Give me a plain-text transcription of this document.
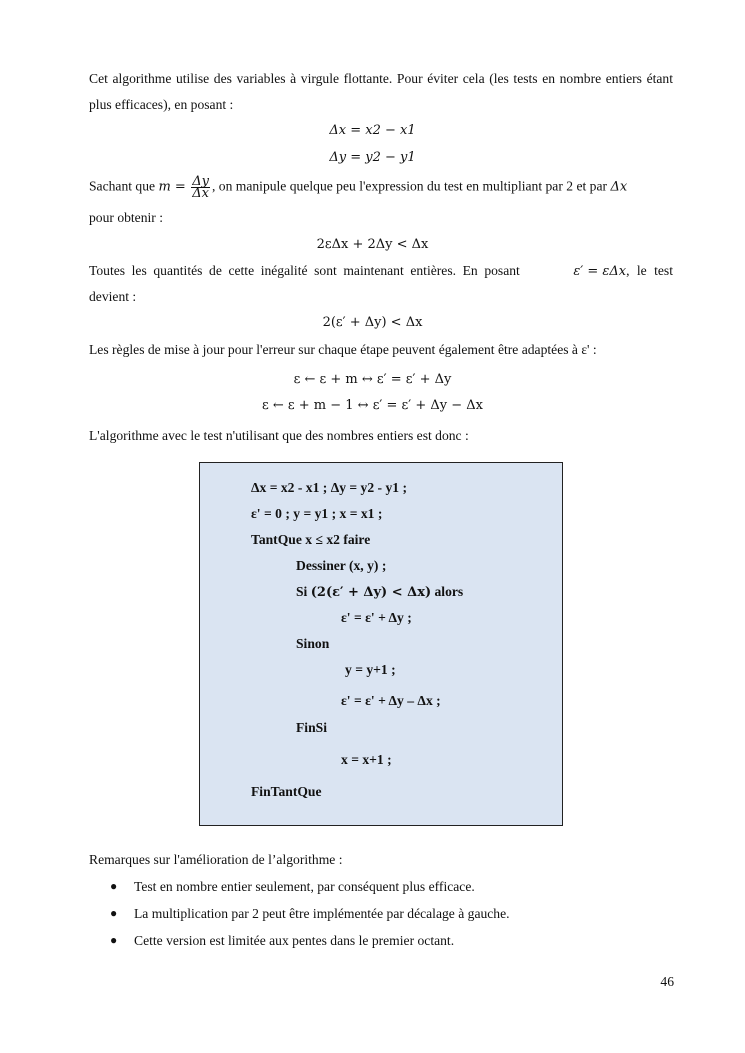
Cet algorithme utilise des variables à virgule flottante. Pour éviter cela (les tests en nombre entiers étant plus efficaces), en posant :
Δx = x2 − x1
Δy = y2 − y1
Sachant que $m = \frac{\Delta y}{\Delta x}$ , on manipule quelque peu l'expression du test en multipliant par 2 et par Δx
pour obtenir :
2εΔx + 2Δy < Δx
Toutes les quantités de cette inégalité sont maintenant entières. En posant	ε′ = εΔx, le test
devient :
2(ε′ + Δy) < Δx
Les règles de mise à jour pour l'erreur sur chaque étape peuvent également être adaptées à ε' :
ε ← ε + m ↔ ε′ = ε′ + Δy
ε ← ε + m − 1 ↔ ε′ = ε′ + Δy − Δx
L'algorithme avec le test n'utilisant que des nombres entiers est donc :
Δx = x2 - x1 ; Δy = y2 - y1 ;
ε' = 0 ; y = y1 ; x = x1 ;
TantQue x ≤ x2 faire
Dessiner (x, y) ;
Si (2(ε′ + Δy) < Δx) alors
ε' = ε' + Δy ;
Sinon
y = y+1 ;
ε' = ε' + Δy – Δx ;
FinSi
x = x+1 ;
FinTantQue
Remarques sur l'amélioration de l’algorithme :
● Test en nombre entier seulement, par conséquent plus efficace.
● La multiplication par 2 peut être implémentée par décalage à gauche.
● Cette version est limitée aux pentes dans le premier octant.
46
